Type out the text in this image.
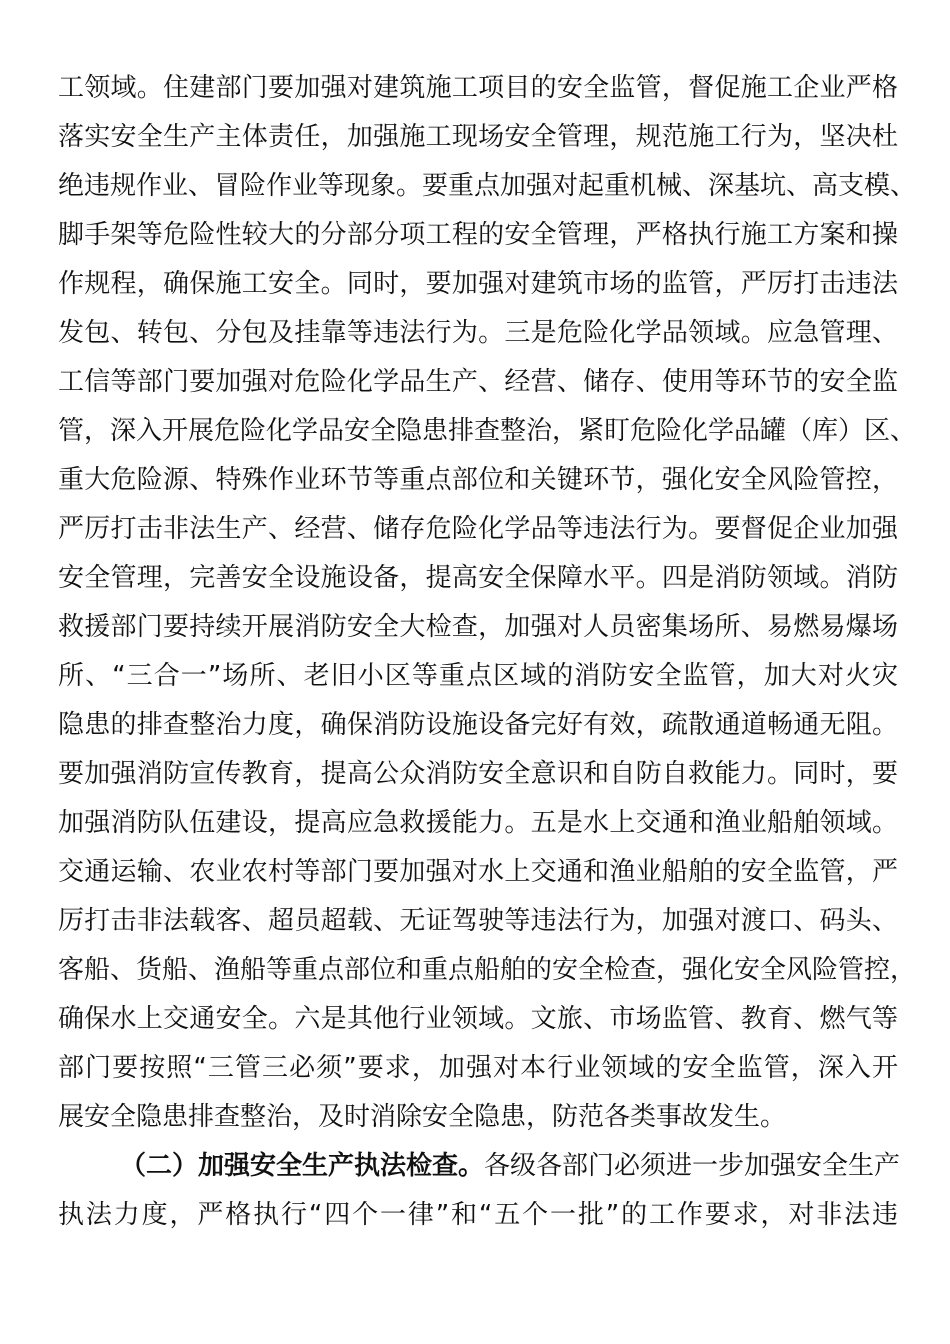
工领域。住建部门要加强对建筑施工项目的安全监管，督促施工企业严格
落实安全生产主体责任，加强施工现场安全管理，规范施工行为，坚决杜
绝违规作业、冒险作业等现象。要重点加强对起重机械、深基坑、高支模、
脚手架等危险性较大的分部分项工程的安全管理，严格执行施工方案和操
作规程，确保施工安全。同时，要加强对建筑市场的监管，严厉打击违法
发包、转包、分包及挂靠等违法行为。三是危险化学品领域。应急管理、
工信等部门要加强对危险化学品生产、经营、储存、使用等环节的安全监
管，深入开展危险化学品安全隐患排查整治，紧盯危险化学品罐（库）区、
重大危险源、特殊作业环节等重点部位和关键环节，强化安全风险管控，
严厉打击非法生产、经营、储存危险化学品等违法行为。要督促企业加强
安全管理，完善安全设施设备，提高安全保障水平。四是消防领域。消防
救援部门要持续开展消防安全大检查，加强对人员密集场所、易燃易爆场
所、“三合一”场所、老旧小区等重点区域的消防安全监管，加大对火灾
隐患的排查整治力度，确保消防设施设备完好有效，疏散通道畅通无阻。
要加强消防宣传教育，提高公众消防安全意识和自防自救能力。同时，要
加强消防队伍建设，提高应急救援能力。五是水上交通和渔业船舶领域。
交通运输、农业农村等部门要加强对水上交通和渔业船舶的安全监管，严
厉打击非法载客、超员超载、无证驾驶等违法行为，加强对渡口、码头、
客船、货船、渔船等重点部位和重点船舶的安全检查，强化安全风险管控，
确保水上交通安全。六是其他行业领域。文旅、市场监管、教育、燃气等
部门要按照“三管三必须”要求，加强对本行业领域的安全监管，深入开
展安全隐患排查整治，及时消除安全隐患，防范各类事故发生。
（二）加强安全生产执法检查。各级各部门必须进一步加强安全生产
执法力度，严格执行“四个一律”和“五个一批”的工作要求，对非法违
